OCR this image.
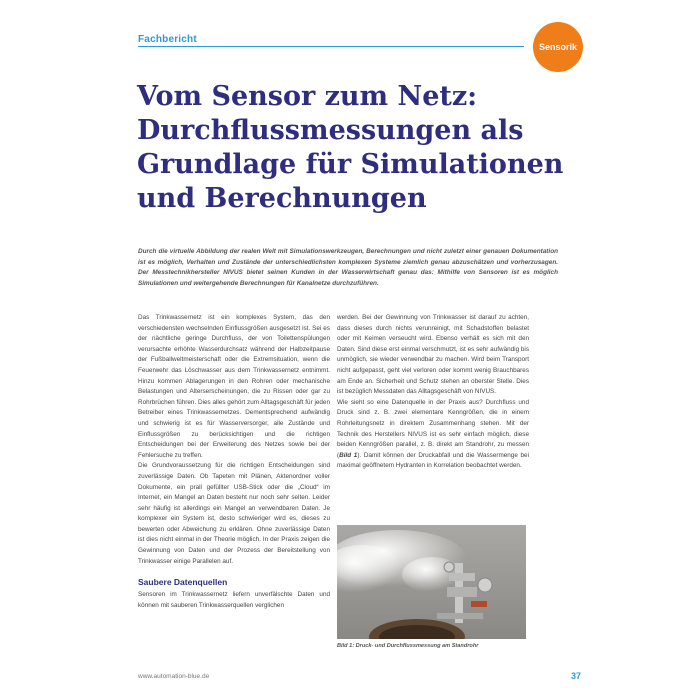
Fachbericht
Sensorik
Vom Sensor zum Netz: Durchflussmessungen als Grundlage für Simulationen und Berechnungen

Durch die virtuelle Abbildung der realen Welt mit Simulationswerkzeugen, Berechnungen und nicht zuletzt einer genauen Dokumentation ist es möglich, Verhalten und Zustände der unterschiedlichsten komplexen Systeme ziemlich genau abzuschätzen und vorherzusagen. Der Messtechnikhersteller NIVUS bietet seinen Kunden in der Wasserwirtschaft genau das: Mithilfe von Sensoren ist es möglich Simulationen und weitergehende Berechnungen für Kanalnetze durchzuführen.

Das Trinkwassernetz ist ein komplexes System, das den verschiedensten wechselnden Einflussgrößen ausgesetzt ist. Sei es der nächtliche geringe Durchfluss, der von Toilettenspülungen verursachte erhöhte Wasserdurchsatz während der Halbzeitpause der Fußballweltmeisterschaft oder die Extremsituation, wenn die Feuerwehr das Löschwasser aus dem Trinkwassernetz entnimmt. Hinzu kommen Ablagerungen in den Rohren oder mechanische Belastungen und Alterserscheinungen, die zu Rissen oder gar zu Rohrbrüchen führen. Dies alles gehört zum Alltagsgeschäft für jeden Betreiber eines Trinkwassernetzes. Dementsprechend aufwändig und schwierig ist es für Wasserversorger, alle Zustände und Einflussgrößen zu berücksichtigen und die richtigen Entscheidungen bei der Erweiterung des Netzes sowie bei der Fehlersuche zu treffen.

Die Grundvoraussetzung für die richtigen Entscheidungen sind zuverlässige Daten. Ob Tapeten mit Plänen, Aktenordner voller Dokumente, ein prall gefüllter USB-Stick oder die „Cloud“ im Internet, ein Mangel an Daten besteht nur noch sehr selten. Leider sehr häufig ist allerdings ein Mangel an verwendbaren Daten. Je komplexer ein System ist, desto schwieriger wird es, dieses zu bewerten oder Abweichung zu erklären. Ohne zuverlässige Daten ist dies nicht einmal in der Theorie möglich. In der Praxis zeigen die Gewinnung von Daten und der Prozess der Bereitstellung von Trinkwasser einige Parallelen auf.

Saubere Datenquellen

Sensoren im Trinkwassernetz liefern unverfälschte Daten und können mit sauberen Trinkwasserquellen verglichen

werden. Bei der Gewinnung von Trinkwasser ist darauf zu achten, dass dieses durch nichts verunreinigt, mit Schadstoffen belastet oder mit Keimen verseucht wird. Ebenso verhält es sich mit den Daten. Sind diese erst einmal verschmutzt, ist es sehr aufwändig bis unmöglich, sie wieder verwendbar zu machen. Wird beim Transport nicht aufgepasst, geht viel verloren oder kommt wenig Brauchbares am Ende an. Sicherheit und Schutz stehen an oberster Stelle. Dies ist bezüglich Messdaten das Alltagsgeschäft von NIVUS.

Wie sieht so eine Datenquelle in der Praxis aus? Durchfluss und Druck sind z. B. zwei elementare Kenngrößen, die in einem Rohrleitungsnetz in direktem Zusammenhang stehen. Mit der Technik des Herstellers NIVUS ist es sehr einfach möglich, diese beiden Kenngrößen parallel, z. B. direkt am Standrohr, zu messen (Bild 1). Damit können der Druckabfall und die Wassermenge bei maximal geöffnetem Hydranten in Korrelation beobachtet werden.

Bild 1: Druck- und Durchflussmessung am Standrohr
www.automation-blue.de	37
